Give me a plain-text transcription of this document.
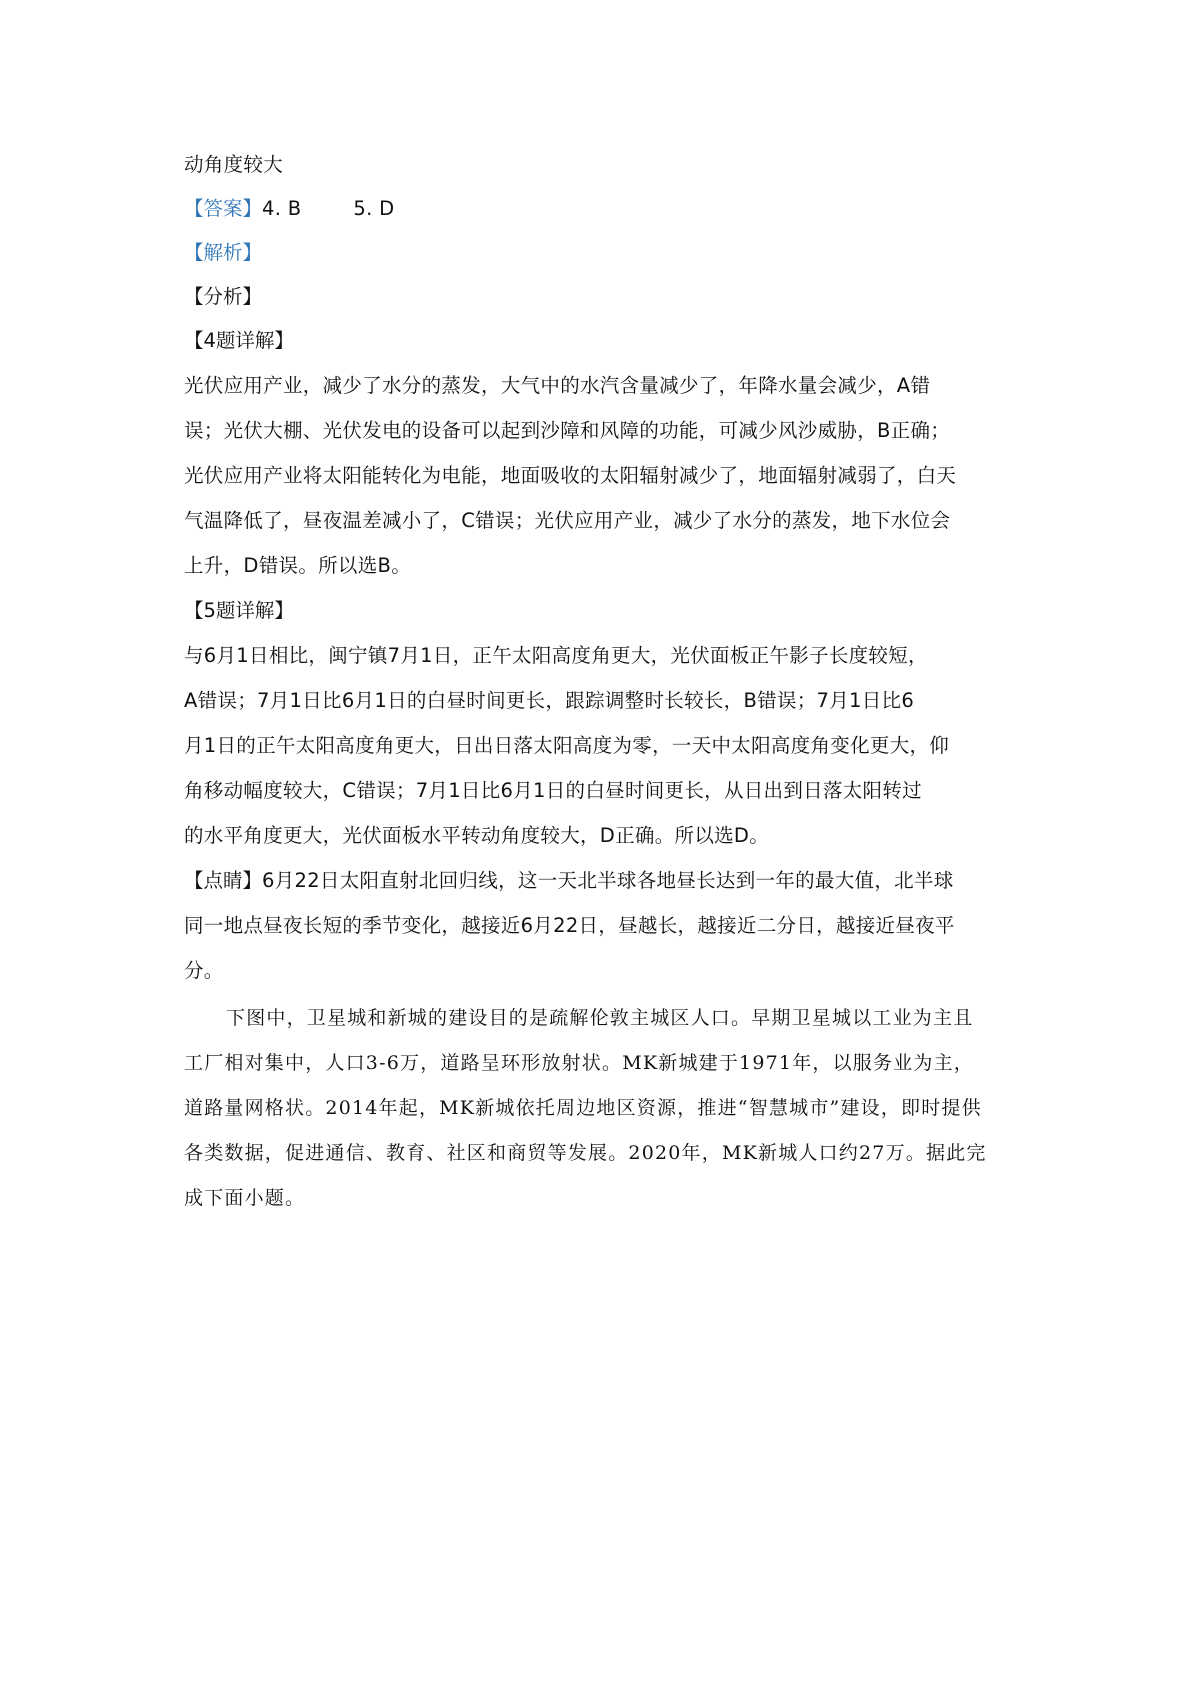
动角度较大
【答案】4. B	5. D
【解析】
【分析】
【4题详解】
光伏应用产业，减少了水分的蒸发，大气中的水汽含量减少了，年降水量会减少，A错
误；光伏大棚、光伏发电的设备可以起到沙障和风障的功能，可减少风沙威胁，B正确；
光伏应用产业将太阳能转化为电能，地面吸收的太阳辐射减少了，地面辐射减弱了，白天
气温降低了，昼夜温差减小了，C错误；光伏应用产业，减少了水分的蒸发，地下水位会
上升，D错误。所以选B。
【5题详解】
与6月1日相比，闽宁镇7月1日，正午太阳高度角更大，光伏面板正午影子长度较短，
A错误；7月1日比6月1日的白昼时间更长，跟踪调整时长较长，B错误；7月1日比6
月1日的正午太阳高度角更大，日出日落太阳高度为零，一天中太阳高度角变化更大，仰
角移动幅度较大，C错误；7月1日比6月1日的白昼时间更长，从日出到日落太阳转过
的水平角度更大，光伏面板水平转动角度较大，D正确。所以选D。
【点睛】6月22日太阳直射北回归线，这一天北半球各地昼长达到一年的最大值，北半球
同一地点昼夜长短的季节变化，越接近6月22日，昼越长，越接近二分日，越接近昼夜平
分。
下图中，卫星城和新城的建设目的是疏解伦敦主城区人口。早期卫星城以工业为主且
工厂相对集中，人口3-6万，道路呈环形放射状。MK新城建于1971年，以服务业为主，
道路量网格状。2014年起，MK新城依托周边地区资源，推进“智慧城市”建设，即时提供
各类数据，促进通信、教育、社区和商贸等发展。2020年，MK新城人口约27万。据此完
成下面小题。
